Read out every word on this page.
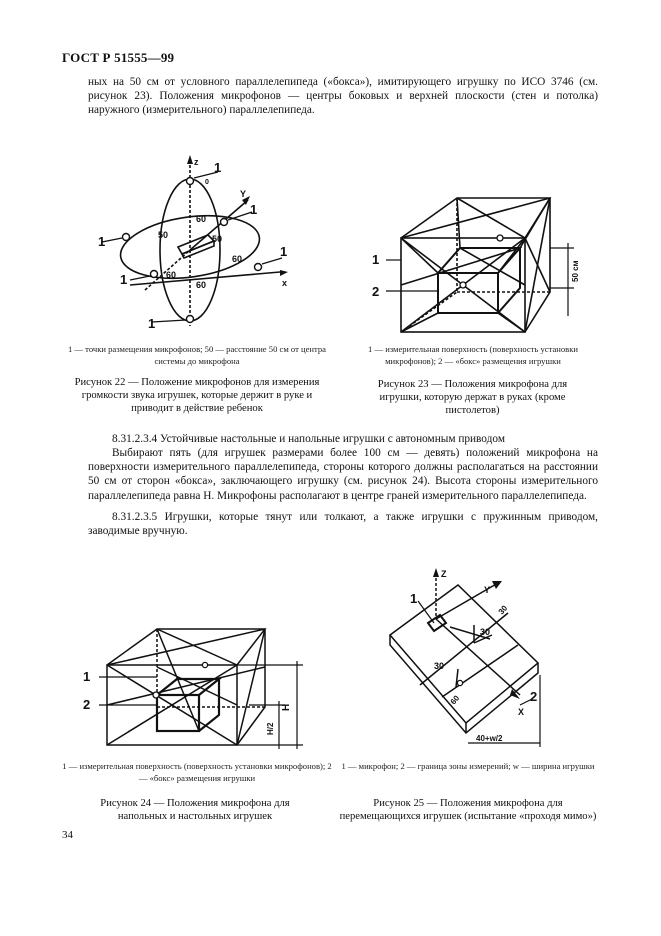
ГОСТ Р 51555—99
ных на 50 см от условного параллелепипеда («бокса»), имитирующего игрушку по ИСО 3746 (см. рисунок 23). Положения микрофонов — центры боковых и верхней плоскости (стен и потолка) наружного (измерительного) параллелепипеда.
z
Y
x
1
1
1
1
1
1
50	50
60
60
60
60
0
1 — точки размещения микрофонов; 50 — расстояние 50 см от центра системы до микрофона
Рисунок 22 — Положение микрофонов для измерения громкости звука игрушек, которые держит в руке и приводит в действие ребенок
1
2
50 см
1 — измерительная поверхность (поверхность установки микрофонов); 2 — «бокс» размещения игрушки
Рисунок 23 — Положения микрофона для игрушки, которую держат в руках (кроме пистолетов)
8.31.2.3.4 Устойчивые настольные и напольные игрушки с автономным приводом
Выбирают пять (для игрушек размерами более 100 см — девять) положений микрофона на поверхности измерительного параллелепипеда, стороны которого должны располагаться на расстоянии 50 см от сторон «бокса», заключающего игрушку (см. рисунок 24). Высота стороны измерительного параллелепипеда равна H. Микрофоны располагают в центре граней измерительного параллелепипеда.
8.31.2.3.5 Игрушки, которые тянут или толкают, а также игрушки с пружинным приводом, заводимые вручную.
1
2	H
H/2
1 — измерительная поверхность (поверхность установки микрофонов); 2 — «бокс» размещения игрушки
Рисунок 24 — Положения микрофона для напольных и настольных игрушек
Z
Y
X
1
2
30
30
30
60
40+w/2
1 — микрофон; 2 — граница зоны измерений; w — ширина игрушки
Рисунок 25 — Положения микрофона для перемещающихся игрушек (испытание «проходя мимо»)
34
